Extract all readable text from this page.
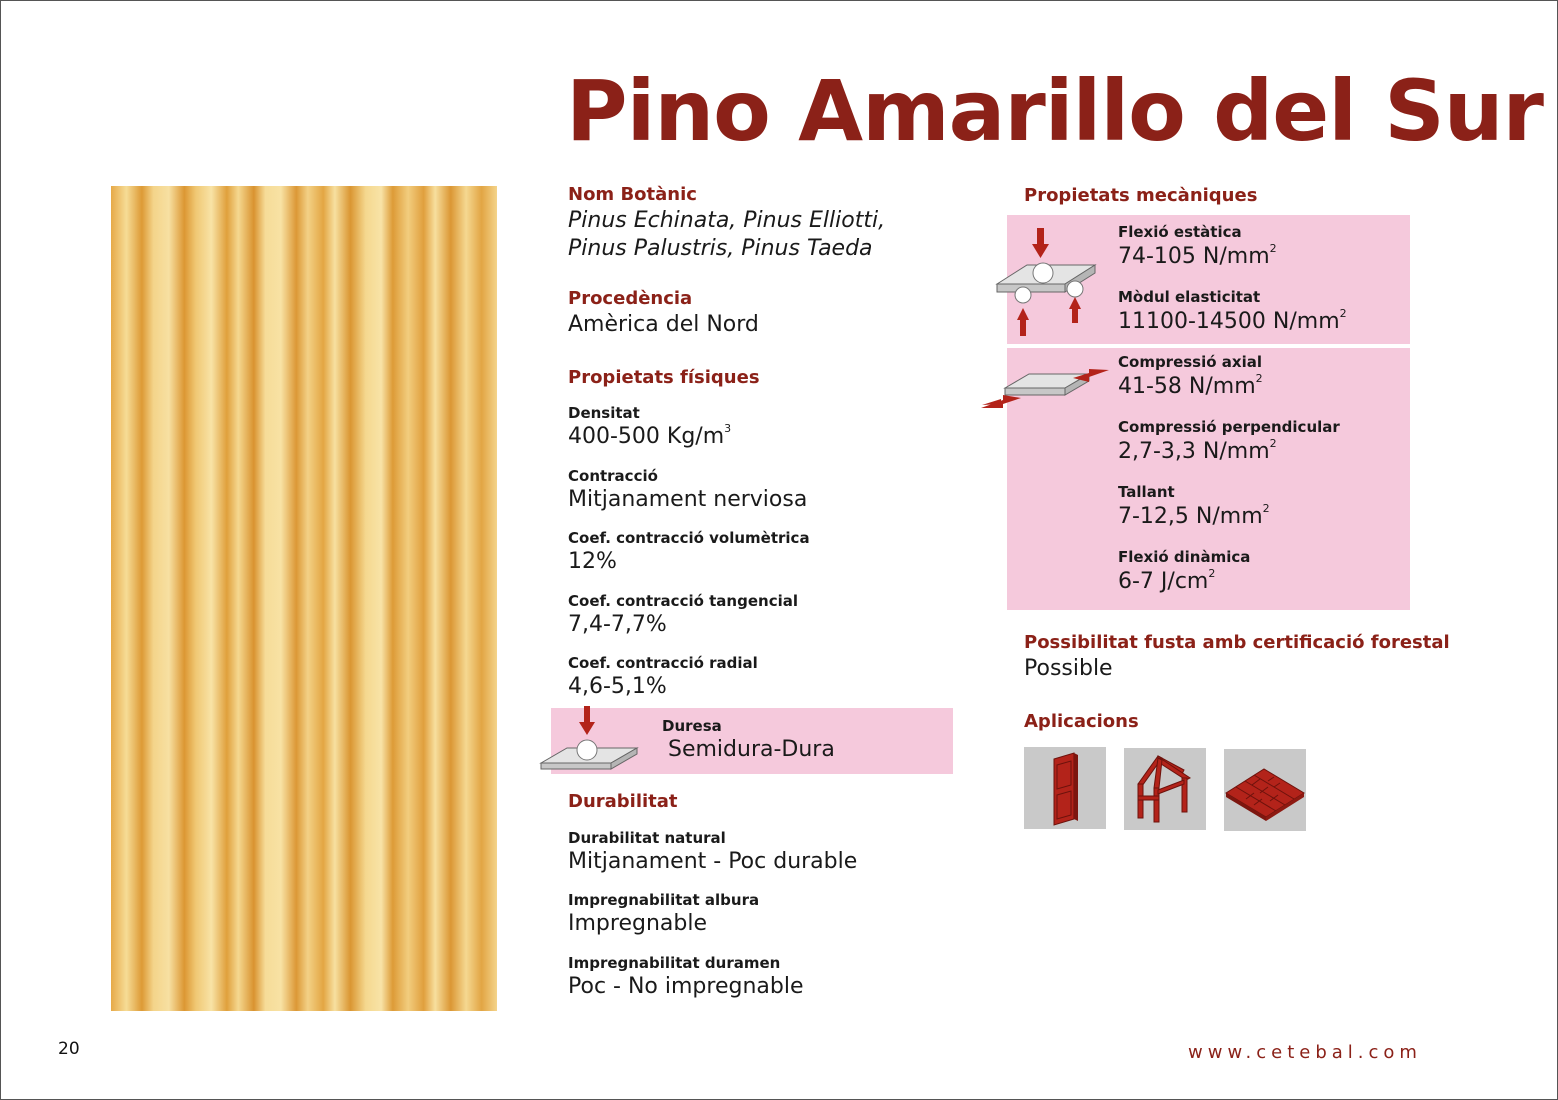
Pino Amarillo del Sur
Nom Botànic
Pinus Echinata, Pinus Elliotti, Pinus Palustris, Pinus Taeda
Procedència
Amèrica del Nord
Propietats físiques
Densitat
400-500 $Kg/m^3$
Contracció
Mitjanament nerviosa
Coef. contracció volumètrica
12%
Coef. contracció tangencial
7,4-7,7%
Coef. contracció radial
4,6-5,1%
Duresa
Semidura-Dura
Durabilitat
Durabilitat natural
Mitjanament - Poc durable
Impregnabilitat albura
Impregnable
Impregnabilitat duramen
Poc - No impregnable
Propietats mecàniques
Flexió estàtica
74-105 $N/mm^2$
Mòdul elasticitat
11100-14500 $N/mm^2$
Compressió axial
41-58 $N/mm^2$
Compressió perpendicular
2,7-3,3 $N/mm^2$
Tallant
7-12,5 $N/mm^2$
Flexió dinàmica
6-7 $J/cm^2$
Possibilitat fusta amb certificació forestal
Possible
Aplicacions
20	www.cetebal.com
